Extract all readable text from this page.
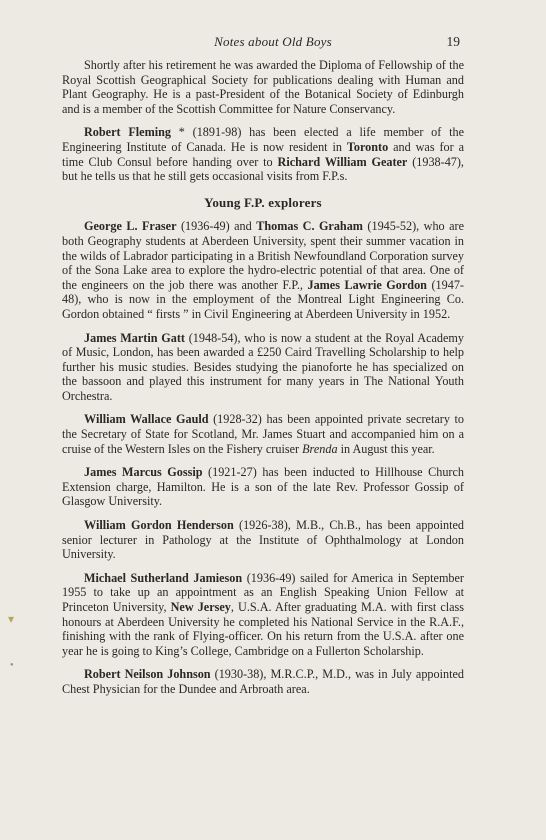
Notes about Old Boys	19

Shortly after his retirement he was awarded the Diploma of Fellowship of the Royal Scottish Geographical Society for publications dealing with Human and Plant Geography. He is a past-President of the Botanical Society of Edinburgh and is a member of the Scottish Committee for Nature Conservancy.

Robert Fleming * (1891-98) has been elected a life member of the Engineering Institute of Canada. He is now resident in Toronto and was for a time Club Consul before handing over to Richard William Geater (1938-47), but he tells us that he still gets occasional visits from F.P.s.

Young F.P. explorers

George L. Fraser (1936-49) and Thomas C. Graham (1945-52), who are both Geography students at Aberdeen University, spent their summer vacation in the wilds of Labrador participating in a British Newfoundland Corporation survey of the Sona Lake area to explore the hydro-electric potential of that area. One of the engineers on the job there was another F.P., James Lawrie Gordon (1947-48), who is now in the employment of the Montreal Light Engineering Co. Gordon obtained “ firsts ” in Civil Engineering at Aberdeen University in 1952.

James Martin Gatt (1948-54), who is now a student at the Royal Academy of Music, London, has been awarded a £250 Caird Travelling Scholarship to help further his music studies. Besides studying the pianoforte he has specialized on the bassoon and played this instrument for many years in The National Youth Orchestra.

William Wallace Gauld (1928-32) has been appointed private secretary to the Secretary of State for Scotland, Mr. James Stuart and accompanied him on a cruise of the Western Isles on the Fishery cruiser Brenda in August this year.

James Marcus Gossip (1921-27) has been inducted to Hillhouse Church Extension charge, Hamilton. He is a son of the late Rev. Professor Gossip of Glasgow University.

William Gordon Henderson (1926-38), M.B., Ch.B., has been appointed senior lecturer in Pathology at the Institute of Ophthalmology at London University.

Michael Sutherland Jamieson (1936-49) sailed for America in September 1955 to take up an appointment as an English Speaking Union Fellow at Princeton University, New Jersey, U.S.A. After graduating M.A. with first class honours at Aberdeen University he completed his National Service in the R.A.F., finishing with the rank of Flying-officer. On his return from the U.S.A. after one year he is going to King’s College, Cambridge on a Fullerton Scholarship.

Robert Neilson Johnson (1930-38), M.R.C.P., M.D., was in July appointed Chest Physician for the Dundee and Arbroath area.

▾
●
